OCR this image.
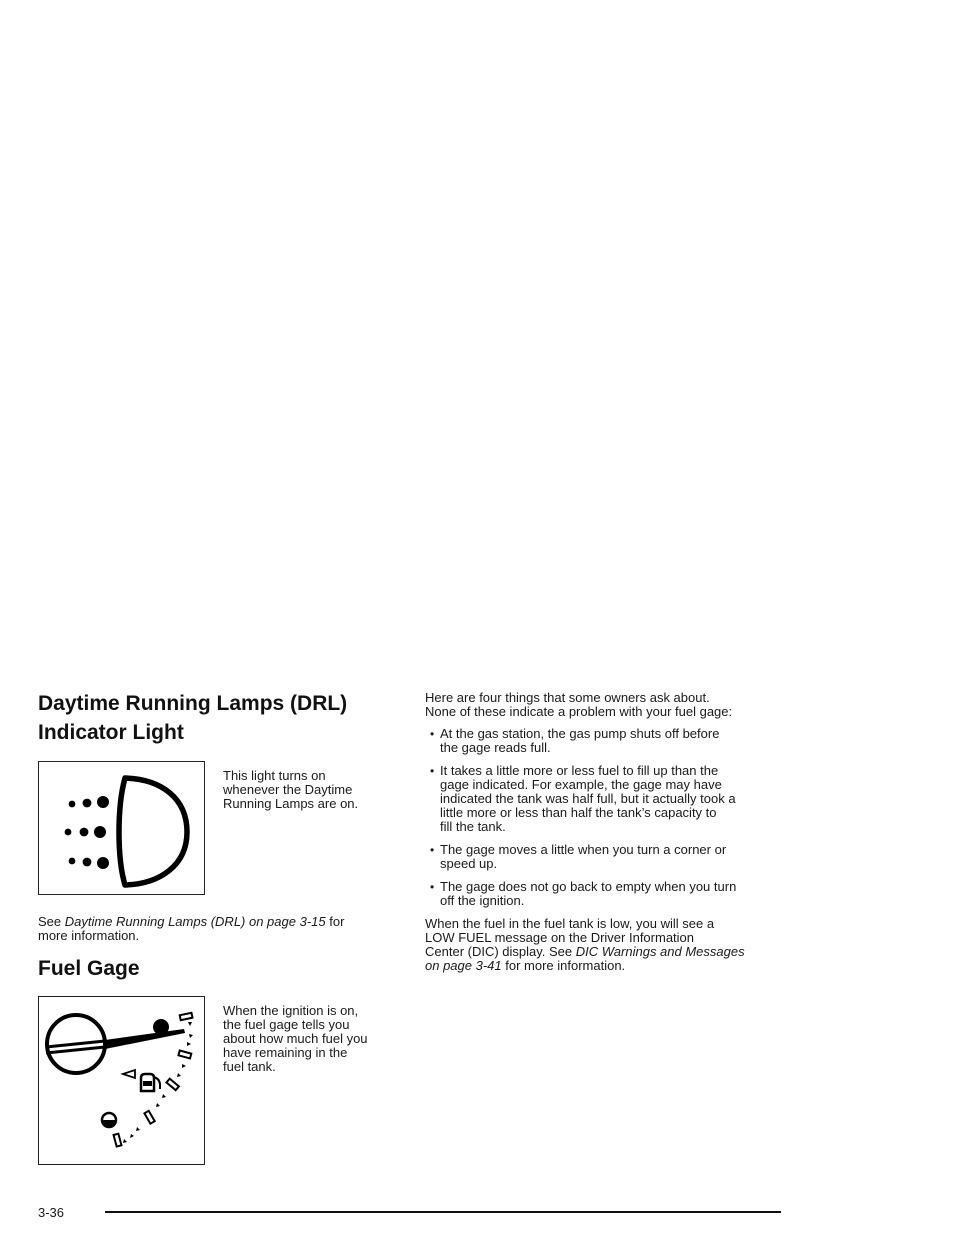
Daytime Running Lamps (DRL)
Indicator Light
This light turns on
whenever the Daytime
Running Lamps are on.
See Daytime Running Lamps (DRL) on page 3-15 for
more information.
Fuel Gage
When the ignition is on,
the fuel gage tells you
about how much fuel you
have remaining in the
fuel tank.
Here are four things that some owners ask about.
None of these indicate a problem with your fuel gage:
• At the gas station, the gas pump shuts off before
the gage reads full.
• It takes a little more or less fuel to fill up than the
gage indicated. For example, the gage may have
indicated the tank was half full, but it actually took a
little more or less than half the tank’s capacity to
fill the tank.
• The gage moves a little when you turn a corner or
speed up.
• The gage does not go back to empty when you turn
off the ignition.
When the fuel in the fuel tank is low, you will see a
LOW FUEL message on the Driver Information
Center (DIC) display. See DIC Warnings and Messages
on page 3-41 for more information.
3-36
carmanualsonline.info
